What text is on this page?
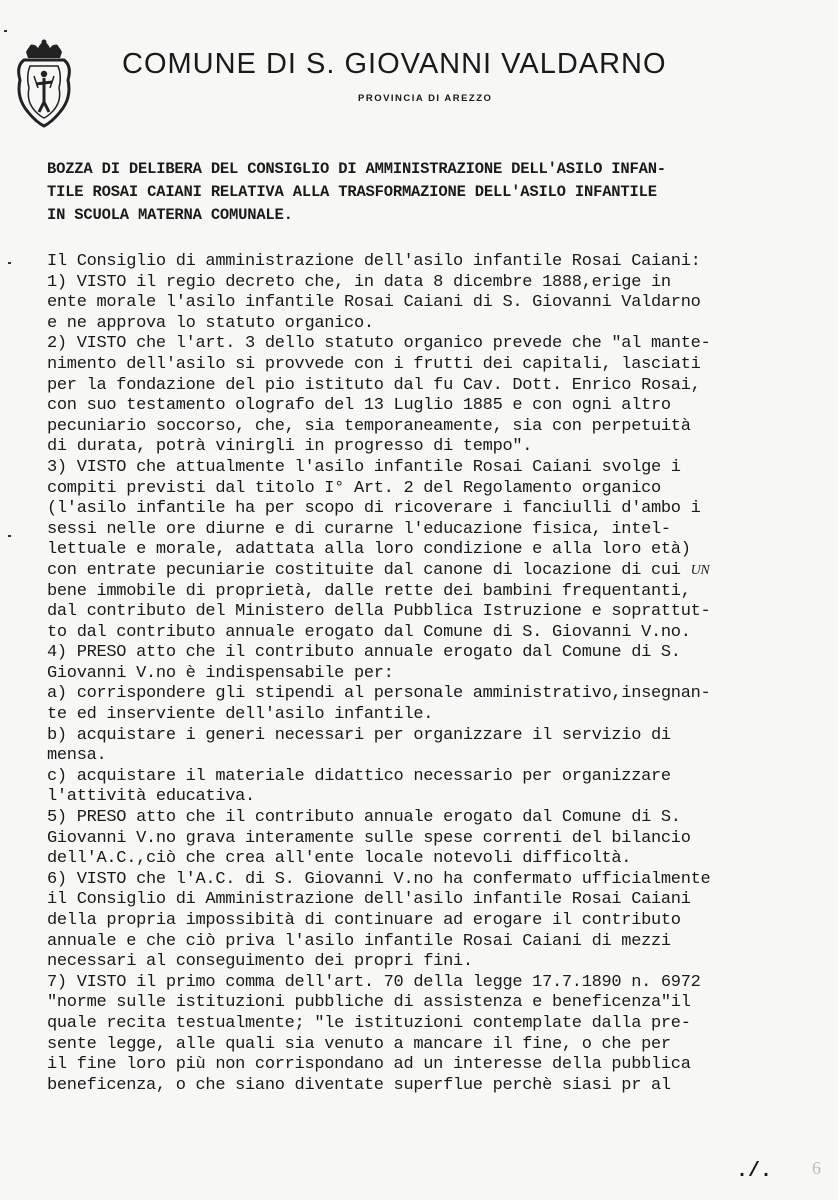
COMUNE DI S. GIOVANNI VALDARNO
PROVINCIA DI AREZZO
BOZZA DI DELIBERA DEL CONSIGLIO DI AMMINISTRAZIONE DELL'ASILO INFAN-
TILE ROSAI CAIANI RELATIVA ALLA TRASFORMAZIONE DELL'ASILO INFANTILE
IN SCUOLA MATERNA COMUNALE.
Il Consiglio di amministrazione dell'asilo infantile Rosai Caiani:
1) VISTO il regio decreto che, in data 8 dicembre 1888,erige in
ente morale l'asilo infantile Rosai Caiani di S. Giovanni Valdarno
e ne approva lo statuto organico.
2) VISTO che l'art. 3 dello statuto organico prevede che "al mante-
nimento dell'asilo si provvede con i frutti dei capitali, lasciati
per la fondazione del pio istituto dal fu Cav. Dott. Enrico Rosai,
con suo testamento olografo del 13 Luglio 1885 e con ogni altro
pecuniario soccorso, che, sia temporaneamente, sia con perpetuità
di durata, potrà vinirgli in progresso di tempo".
3) VISTO che attualmente l'asilo infantile Rosai Caiani svolge i
compiti previsti dal titolo I° Art. 2 del Regolamento organico
(l'asilo infantile ha per scopo di ricoverare i fanciulli d'ambo i
sessi nelle ore diurne e di curarne l'educazione fisica, intel-
lettuale e morale, adattata alla loro condizione e alla loro età)
con entrate pecuniarie costituite dal canone di locazione di cui UN
bene immobile di proprietà, dalle rette dei bambini frequentanti,
dal contributo del Ministero della Pubblica Istruzione e soprattut-
to dal contributo annuale erogato dal Comune di S. Giovanni V.no.
4) PRESO atto che il contributo annuale erogato dal Comune di S.
Giovanni V.no è indispensabile per:
a) corrispondere gli stipendi al personale amministrativo,insegnan-
te ed inserviente dell'asilo infantile.
b) acquistare i generi necessari per organizzare il servizio di
mensa.
c) acquistare il materiale didattico necessario per organizzare
l'attività educativa.
5) PRESO atto che il contributo annuale erogato dal Comune di S.
Giovanni V.no grava interamente sulle spese correnti del bilancio
dell'A.C.,ciò che crea all'ente locale notevoli difficoltà.
6) VISTO che l'A.C. di S. Giovanni V.no ha confermato ufficialmente
il Consiglio di Amministrazione dell'asilo infantile Rosai Caiani
della propria impossibità di continuare ad erogare il contributo
annuale e che ciò priva l'asilo infantile Rosai Caiani di mezzi
necessari al conseguimento dei propri fini.
7) VISTO il primo comma dell'art. 70 della legge 17.7.1890 n. 6972
"norme sulle istituzioni pubbliche di assistenza e beneficenza"il
quale recita testualmente; "le istituzioni contemplate dalla pre-
sente legge, alle quali sia venuto a mancare il fine, o che per
il fine loro più non corrispondano ad un interesse della pubblica
beneficenza, o che siano diventate superflue perchè siasi pr al
./. 6
